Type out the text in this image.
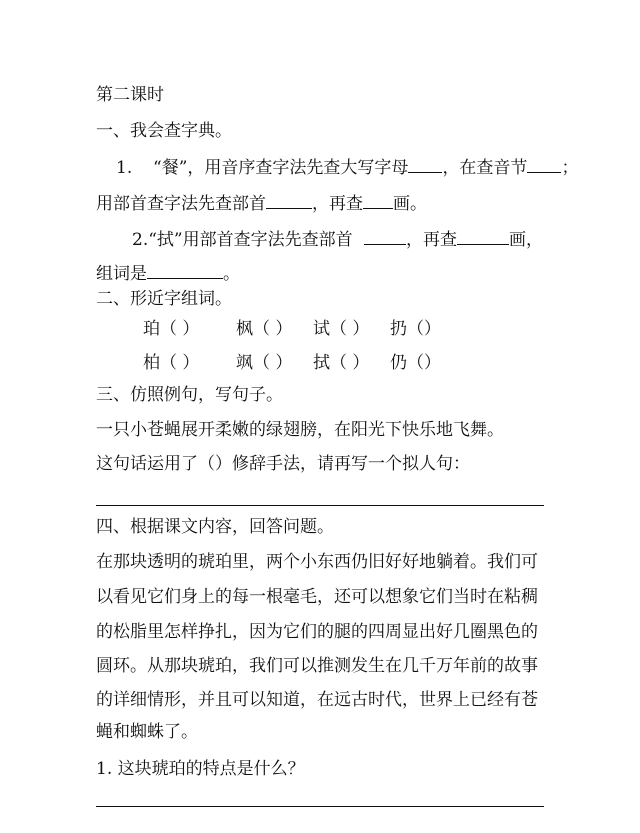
第二课时
一、我会查字典。
1. “餐”，用音序查字法先查大写字母 ，在查音节 ；
用部首查字法先查部首	，再查 画。
2.“拭”用部首查字法先查部首	，再查	画，
组词是	。
二、形近字组词。
珀（ ） 枫（ ） 试（ ） 扔（）
柏（ ） 飒（ ） 拭（ ） 仍（）
三、仿照例句，写句子。
一只小苍蝇展开柔嫩的绿翅膀，在阳光下快乐地飞舞。
这句话运用了（）修辞手法，请再写一个拟人句：
四、根据课文内容，回答问题。
在那块透明的琥珀里，两个小东西仍旧好好地躺着。我们可
以看见它们身上的每一根毫毛，还可以想象它们当时在粘稠
的松脂里怎样挣扎，因为它们的腿的四周显出好几圈黑色的
圆环。从那块琥珀，我们可以推测发生在几千万年前的故事
的详细情形，并且可以知道，在远古时代，世界上已经有苍
蝇和蜘蛛了。
1. 这块琥珀的特点是什么？
